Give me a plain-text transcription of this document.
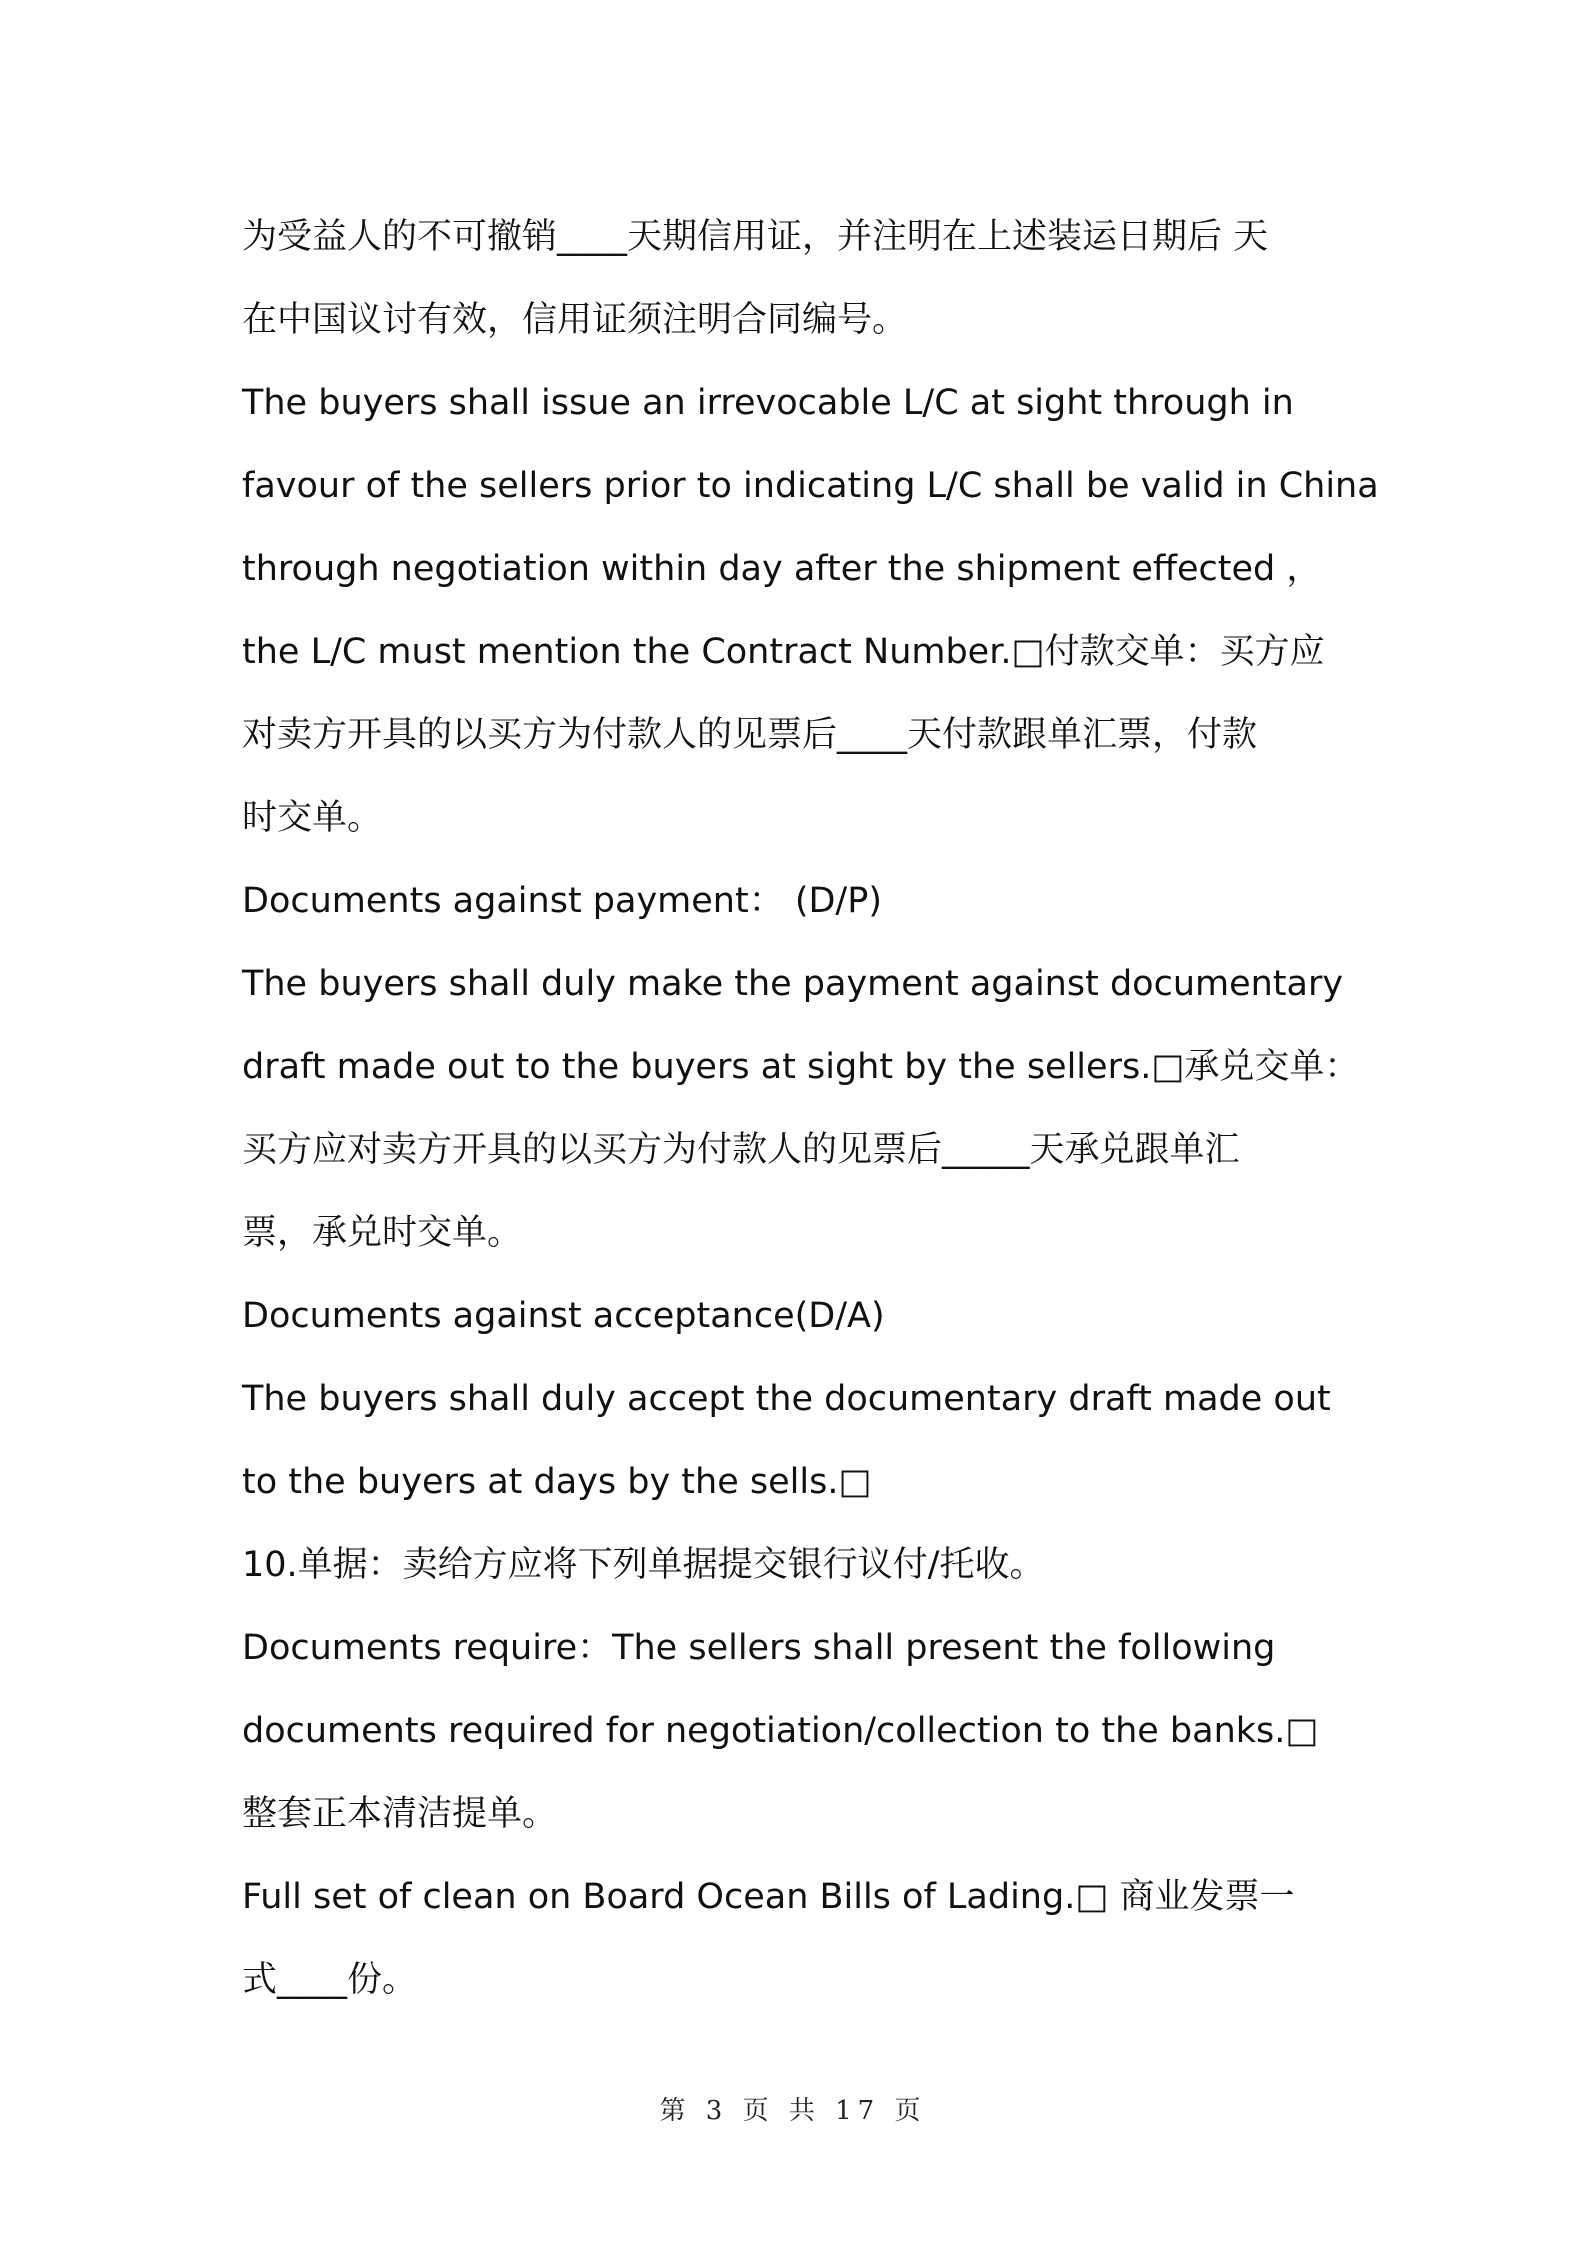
为受益人的不可撤销____天期信用证，并注明在上述装运日期后 天

在中国议讨有效，信用证须注明合同编号。

The buyers shall issue an irrevocable L/C at sight through in

favour of the sellers prior to indicating L/C shall be valid in China

through negotiation within day after the shipment effected ，

the L/C must mention the Contract Number.□付款交单：买方应

对卖方开具的以买方为付款人的见票后____天付款跟单汇票，付款

时交单。

Documents against payment： (D/P)

The buyers shall duly make the payment against documentary

draft made out to the buyers at sight by the sellers.□承兑交单：

买方应对卖方开具的以买方为付款人的见票后_____天承兑跟单汇

票，承兑时交单。

Documents against acceptance(D/A)

The buyers shall duly accept the documentary draft made out

to the buyers at days by the sells.□

10.单据：卖给方应将下列单据提交银行议付/托收。

Documents require：The sellers shall present the following

documents required for negotiation/collection to the banks.□

整套正本清洁提单。

Full set of clean on Board Ocean Bills of Lading.□ 商业发票一

式____份。

第 3 页 共 17 页
